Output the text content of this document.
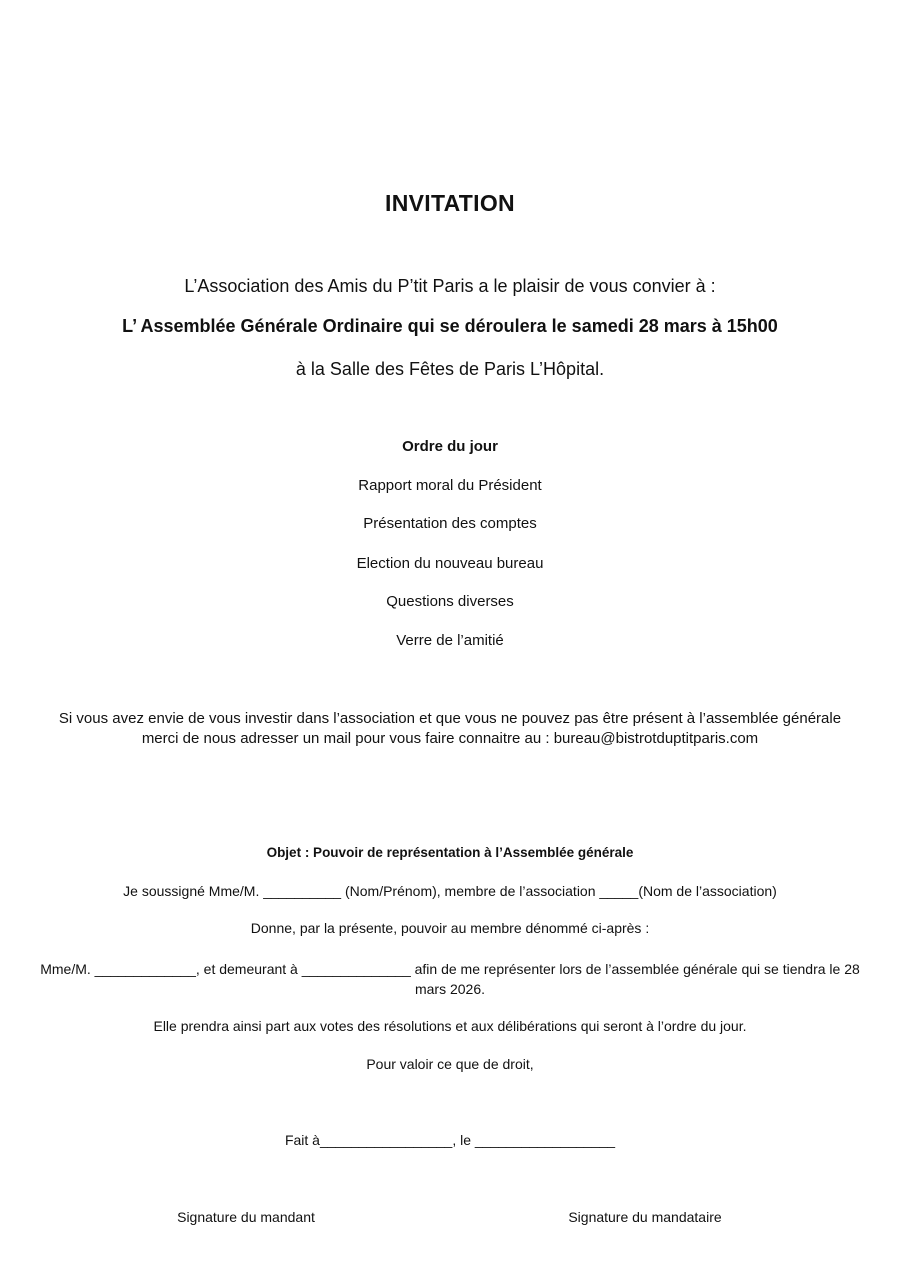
INVITATION
L’Association des Amis du P’tit Paris a le plaisir de vous convier à :
L’ Assemblée Générale Ordinaire qui se déroulera le samedi 28 mars à 15h00
à la Salle des Fêtes de Paris L’Hôpital.
Ordre du jour
Rapport moral du Président
Présentation des comptes
Election du nouveau bureau
Questions diverses
Verre de l’amitié
Si vous avez envie de vous investir dans l’association et que vous ne pouvez pas être présent à l’assemblée générale merci de nous adresser un mail pour vous faire connaitre au : bureau@bistrotduptitparis.com
Objet : Pouvoir de représentation à l’Assemblée générale
Je soussigné Mme/M. __________ (Nom/Prénom), membre de l’association _____(Nom de l’association)
Donne, par la présente, pouvoir au membre dénommé ci-après :
Mme/M. _____________, et demeurant à ______________ afin de me représenter lors de l’assemblée générale qui se tiendra le 28 mars 2026.
Elle prendra ainsi part aux votes des résolutions et aux délibérations qui seront à l’ordre du jour.
Pour valoir ce que de droit,
Fait à_________________, le __________________
Signature du mandant	Signature du mandataire
